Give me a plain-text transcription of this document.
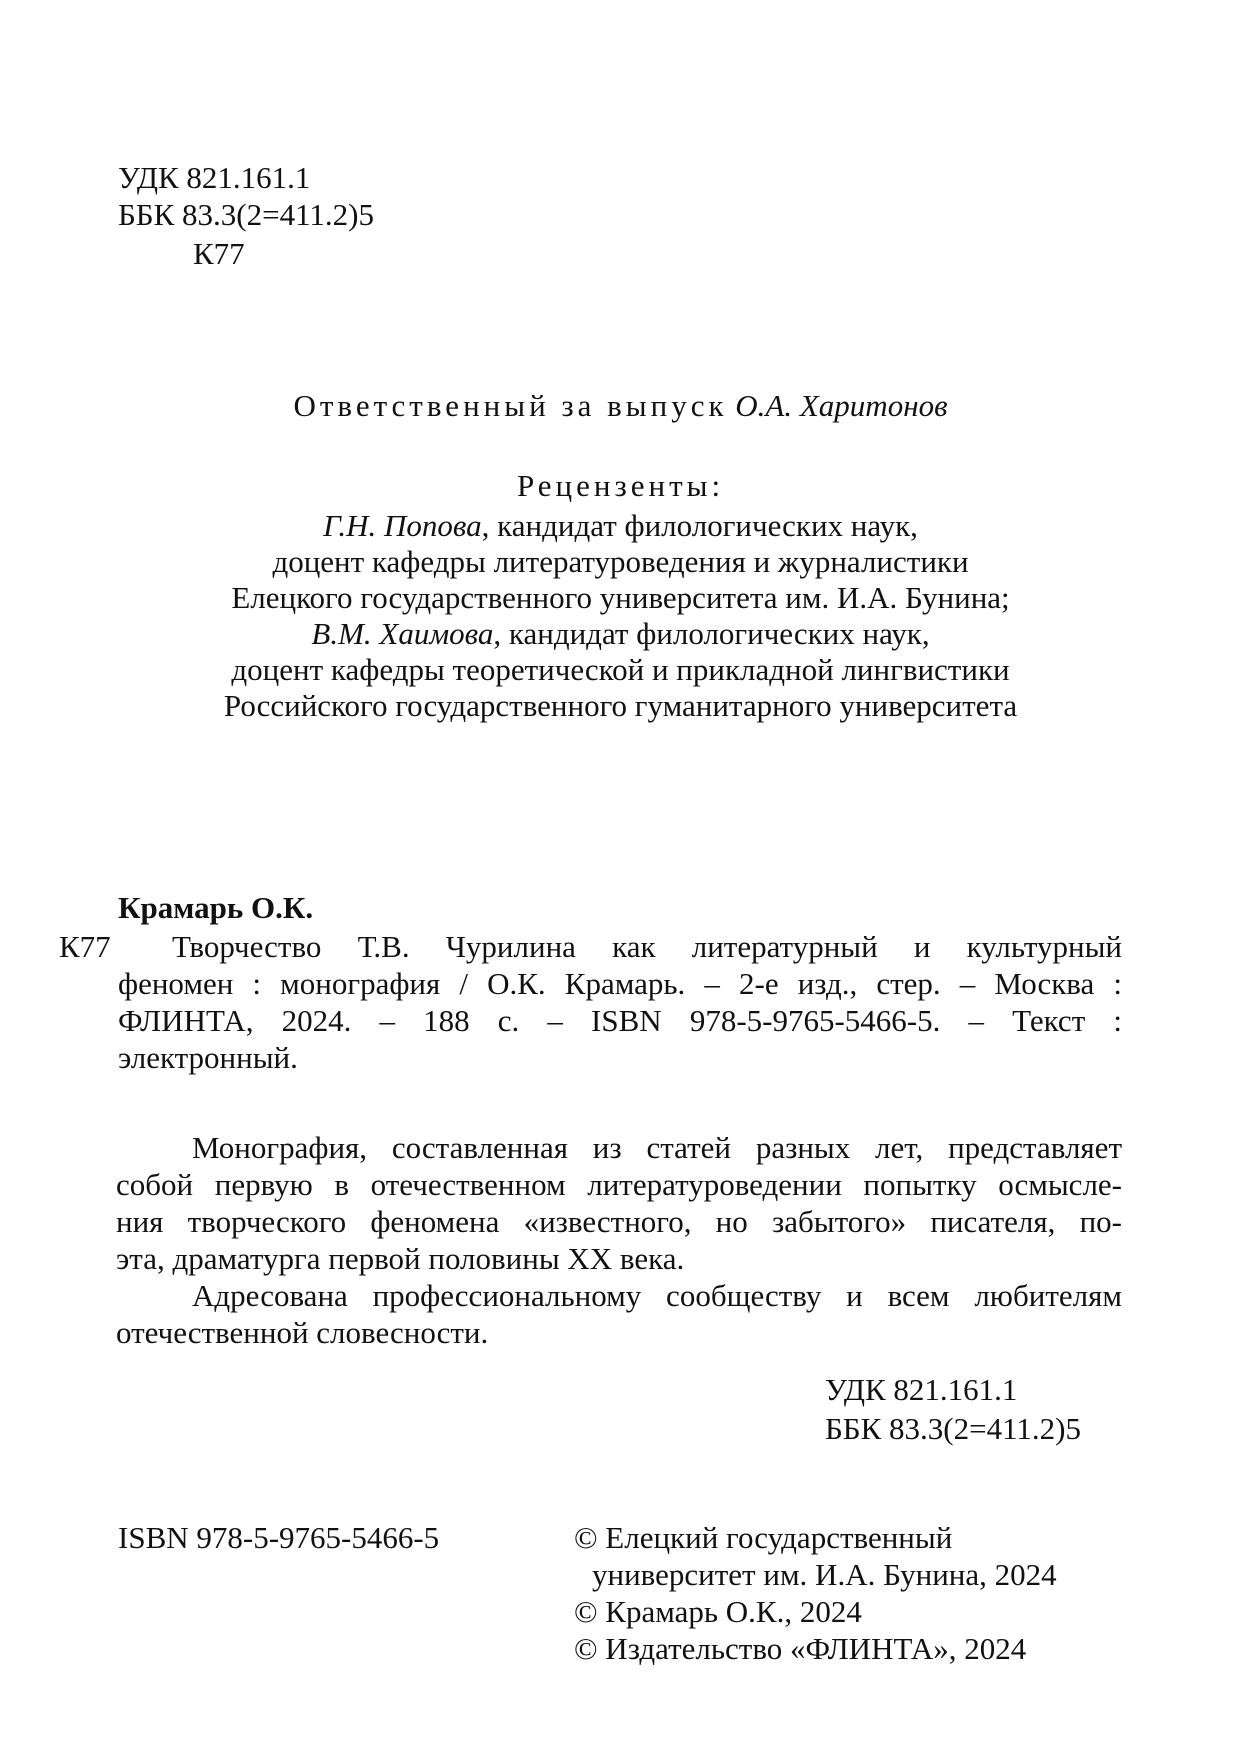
УДК 821.161.1
ББК 83.3(2=411.2)5
К77
Ответственный за выпуск О.А. Харитонов
Рецензенты:
Г.Н. Попова, кандидат филологических наук,
доцент кафедры литературоведения и журналистики
Елецкого государственного университета им. И.А. Бунина;
В.М. Хаимова, кандидат филологических наук,
доцент кафедры теоретической и прикладной лингвистики
Российского государственного гуманитарного университета
Крамарь О.К.
К77	Творчество Т.В. Чурилина как литературный и культурный
феномен : монография / О.К. Крамарь. – 2-е изд., стер. – Москва :
ФЛИНТА, 2024. – 188 с. – ISBN 978-5-9765-5466-5. – Текст :
электронный.
Монография, составленная из статей разных лет, представляет
собой первую в отечественном литературоведении попытку осмысле-
ния творческого феномена «известного, но забытого» писателя, по-
эта, драматурга первой половины XX века.
Адресована профессиональному сообществу и всем любителям
отечественной словесности.
УДК 821.161.1
ББК 83.3(2=411.2)5
ISBN 978-5-9765-5466-5	© Елецкий государственный
университет им. И.А. Бунина, 2024
© Крамарь О.К., 2024
© Издательство «ФЛИНТА», 2024
